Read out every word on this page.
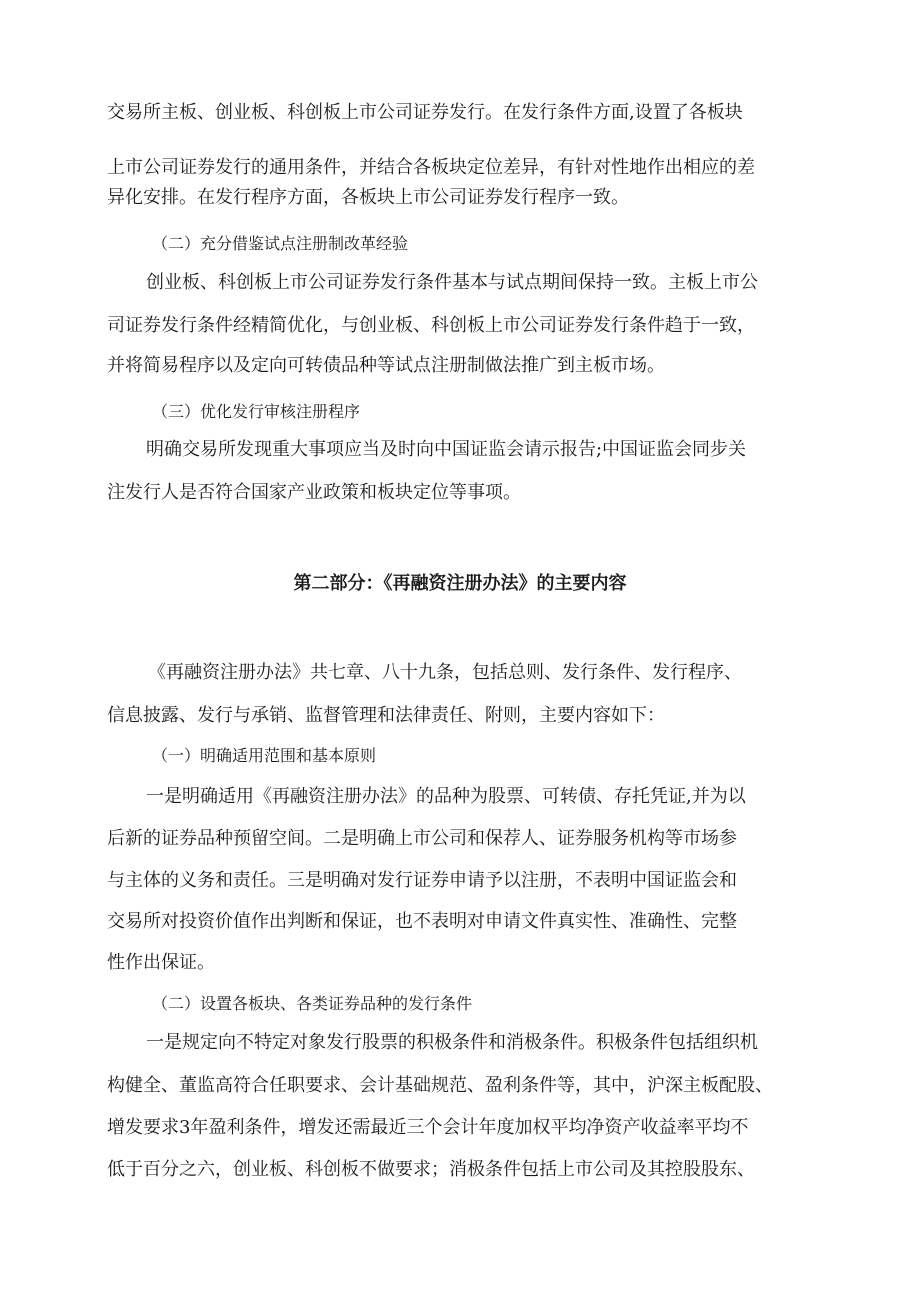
交易所主板、创业板、科创板上市公司证券发行。在发行条件方面,设置了各板块
上市公司证券发行的通用条件，并结合各板块定位差异，有针对性地作出相应的差
异化安排。在发行程序方面，各板块上市公司证券发行程序一致。
（二）充分借鉴试点注册制改革经验
创业板、科创板上市公司证券发行条件基本与试点期间保持一致。主板上市公
司证券发行条件经精简优化，与创业板、科创板上市公司证券发行条件趋于一致，
并将简易程序以及定向可转债品种等试点注册制做法推广到主板市场。
（三）优化发行审核注册程序
明确交易所发现重大事项应当及时向中国证监会请示报告;中国证监会同步关
注发行人是否符合国家产业政策和板块定位等事项。
第二部分：《再融资注册办法》的主要内容
《再融资注册办法》共七章、八十九条，包括总则、发行条件、发行程序、
信息披露、发行与承销、监督管理和法律责任、附则，主要内容如下：
（一）明确适用范围和基本原则
一是明确适用《再融资注册办法》的品种为股票、可转债、存托凭证,并为以
后新的证券品种预留空间。二是明确上市公司和保荐人、证券服务机构等市场参
与主体的义务和责任。三是明确对发行证券申请予以注册，不表明中国证监会和
交易所对投资价值作出判断和保证，也不表明对申请文件真实性、准确性、完整
性作出保证。
（二）设置各板块、各类证券品种的发行条件
一是规定向不特定对象发行股票的积极条件和消极条件。积极条件包括组织机
构健全、董监高符合任职要求、会计基础规范、盈利条件等，其中，沪深主板配股、
增发要求3年盈利条件，增发还需最近三个会计年度加权平均净资产收益率平均不
低于百分之六，创业板、科创板不做要求；消极条件包括上市公司及其控股股东、
